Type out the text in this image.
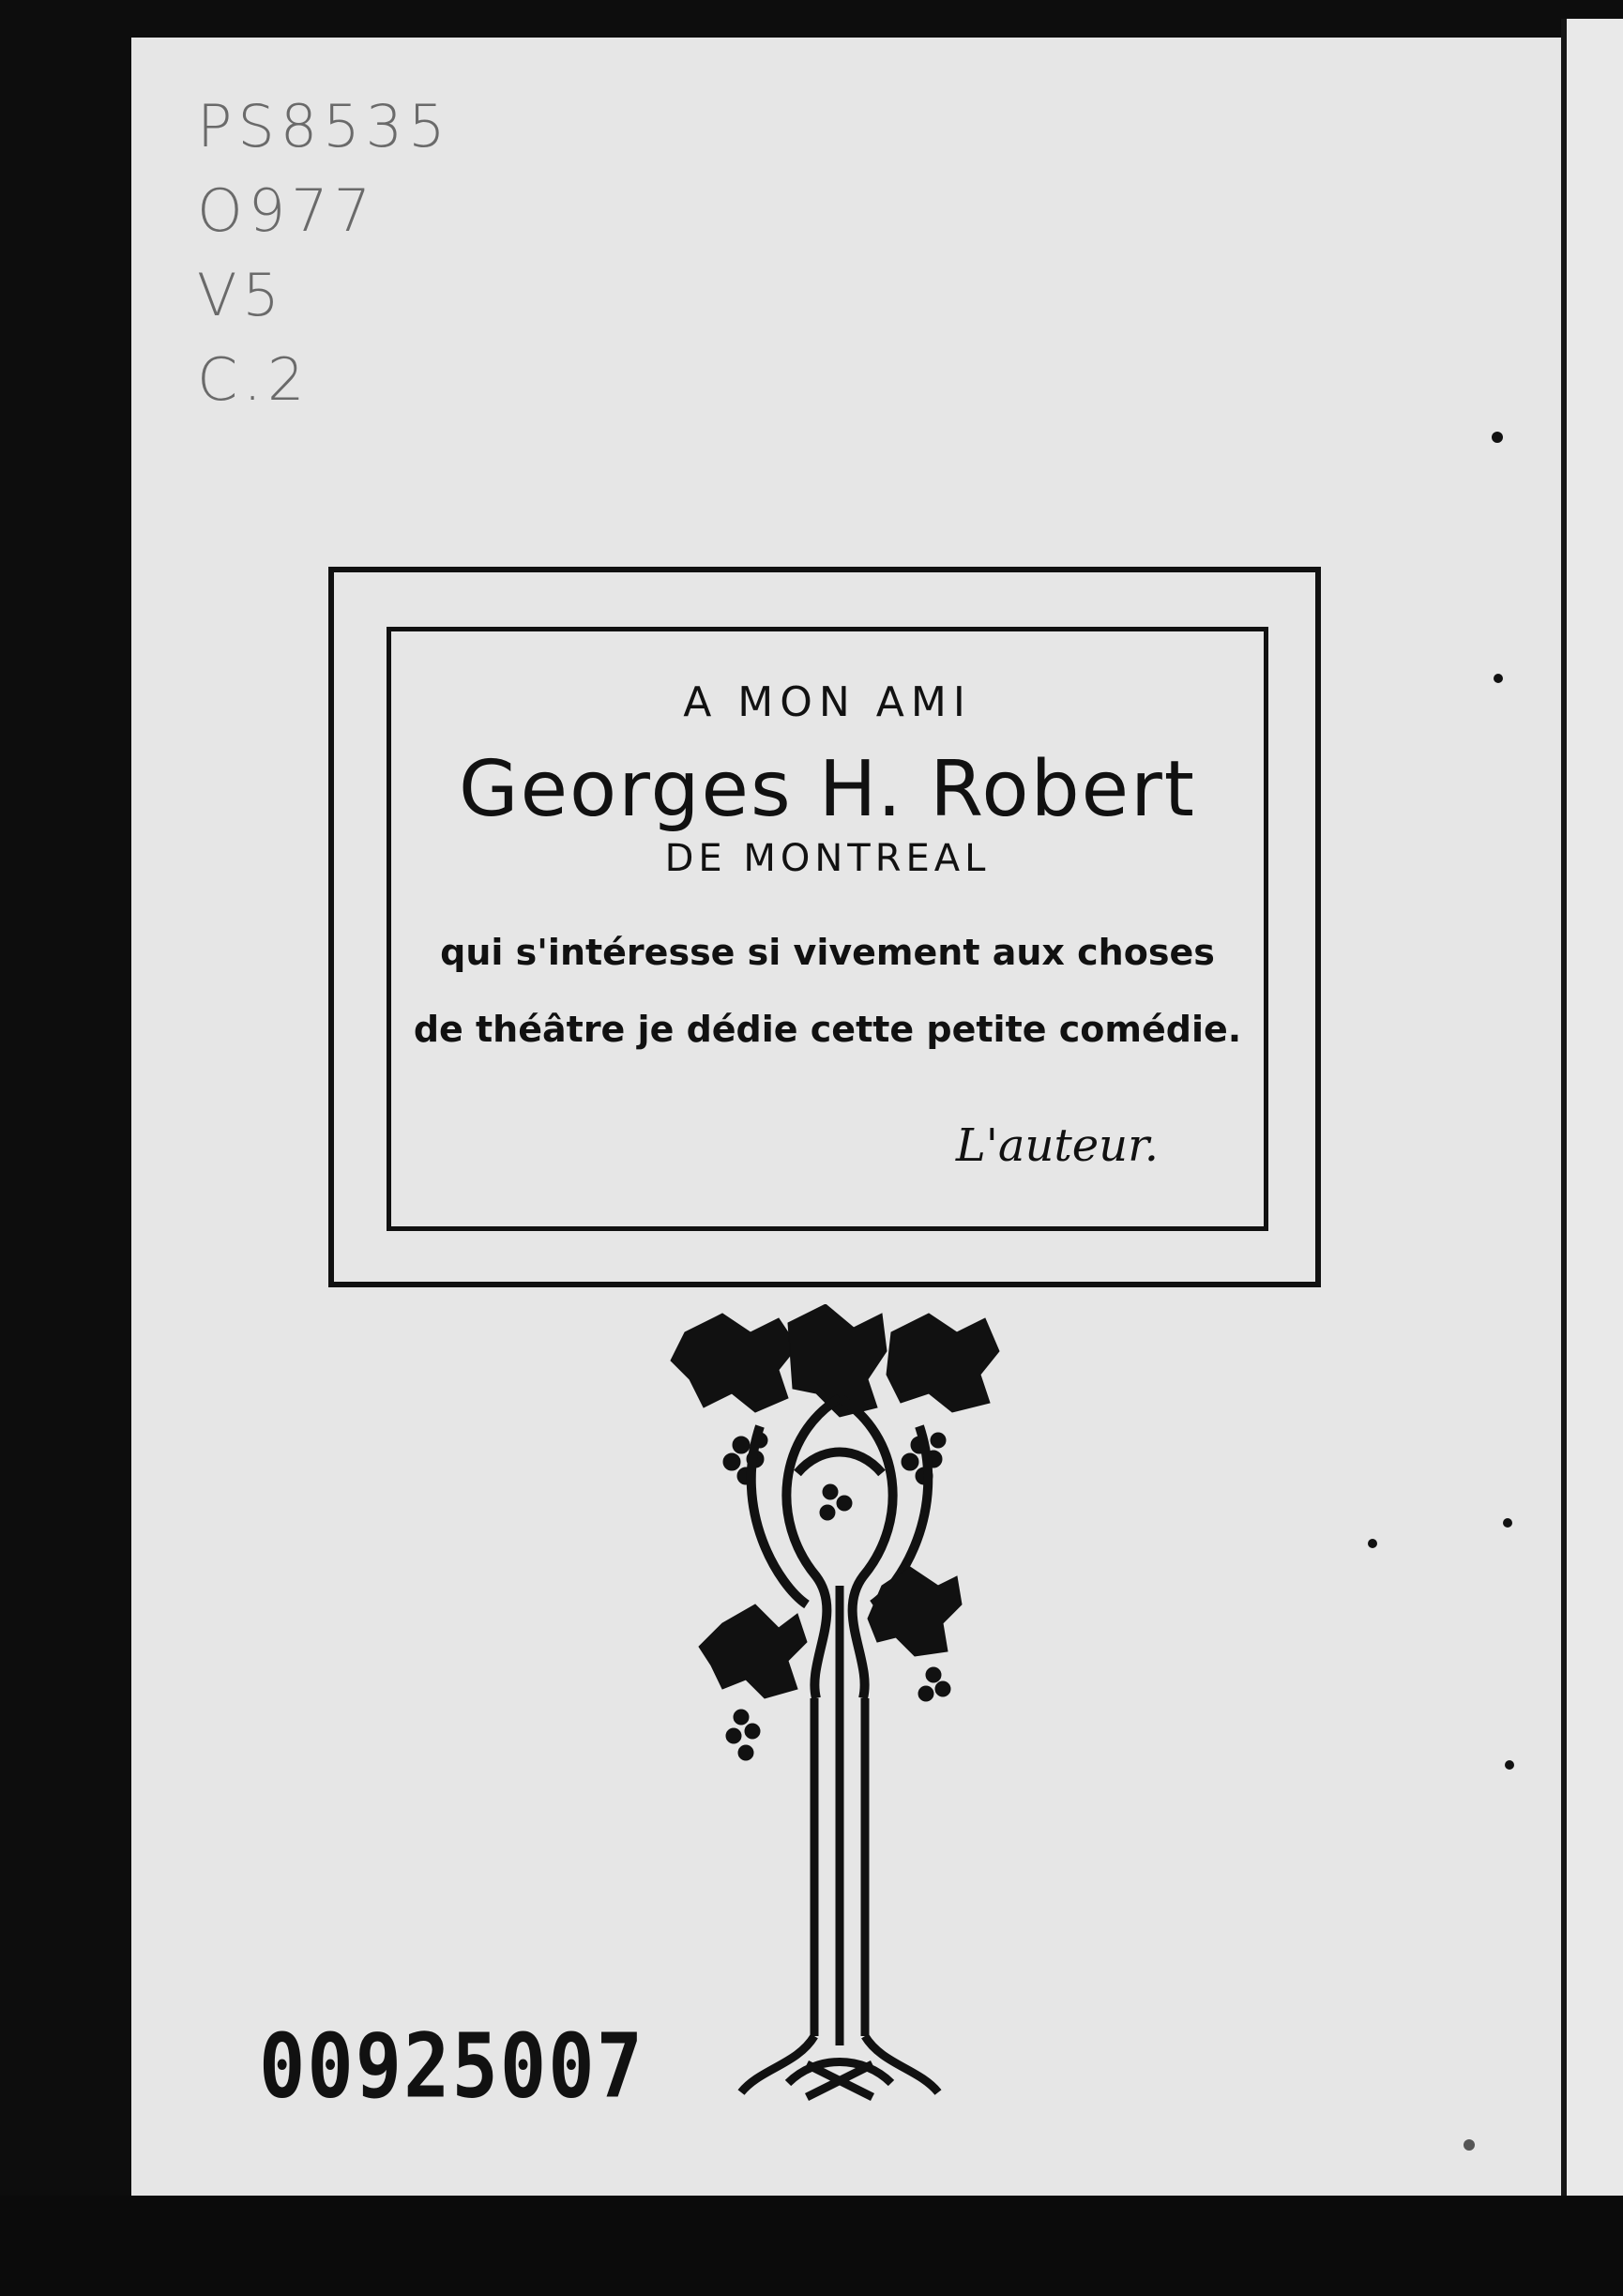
PS8535
O977
V5
C.2
A MON AMI
Georges H. Robert
DE MONTREAL
qui s'intéresse si vivement aux choses
de théâtre je dédie cette petite comédie.
L'auteur.
00925007
